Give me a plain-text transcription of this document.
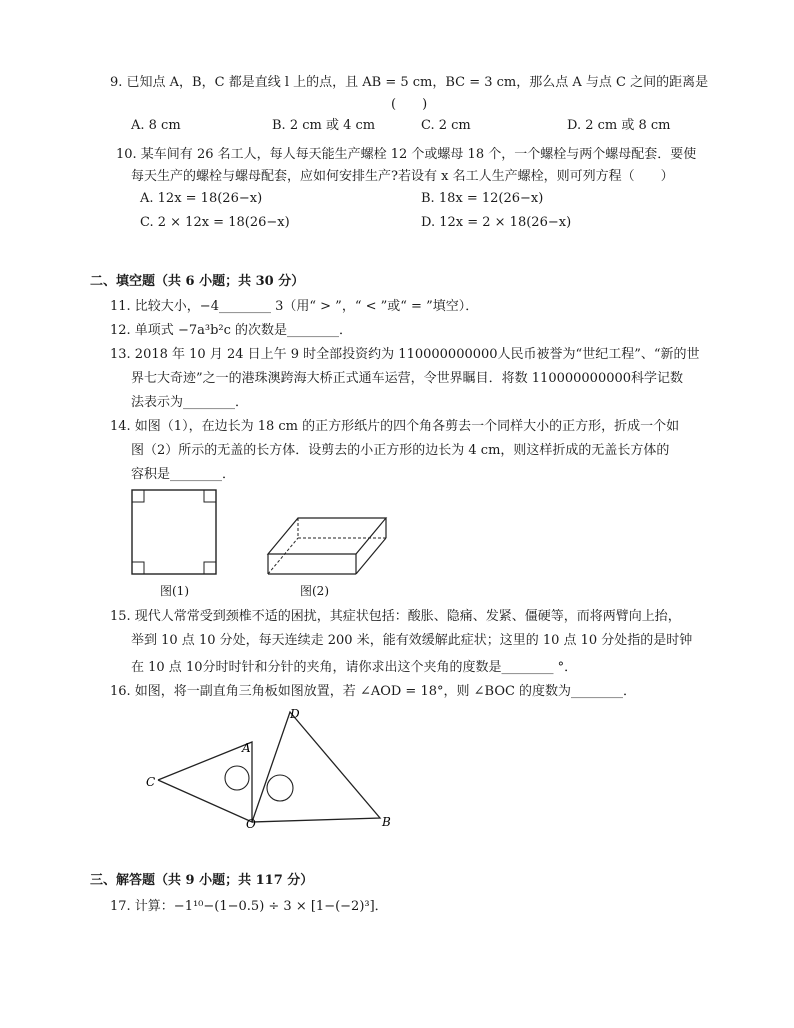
9. 已知点 A，B，C 都是直线 l 上的点，且 AB = 5 cm，BC = 3 cm，那么点 A 与点 C 之间的距离是
(　　)
A. 8 cm	B. 2 cm 或 4 cm	C. 2 cm	D. 2 cm 或 8 cm
10. 某车间有 26 名工人，每人每天能生产螺栓 12 个或螺母 18 个，一个螺栓与两个螺母配套．要使
每天生产的螺栓与螺母配套，应如何安排生产?若设有 x 名工人生产螺栓，则可列方程（　　）
A. 12x = 18(26−x)	B. 18x = 12(26−x)
C. 2 × 12x = 18(26−x)	D. 12x = 2 × 18(26−x)
二、填空题（共 6 小题；共 30 分）
11. 比较大小，−4________ 3（用“ > ”，“ < ”或“ = ”填空）．
12. 单项式 −7a³b²c 的次数是________．
13. 2018 年 10 月 24 日上午 9 时全部投资约为 110000000000人民币被誉为“世纪工程”、“新的世
界七大奇迹”之一的港珠澳跨海大桥正式通车运营，令世界瞩目．将数 110000000000科学记数
法表示为________．
14. 如图（1），在边长为 18 cm 的正方形纸片的四个角各剪去一个同样大小的正方形，折成一个如
图（2）所示的无盖的长方体．设剪去的小正方形的边长为 4 cm，则这样折成的无盖长方体的
容积是________．
图(1)	图(2)
15. 现代人常常受到颈椎不适的困扰，其症状包括：酸胀、隐痛、发紧、僵硬等，而将两臂向上抬，
举到 10 点 10 分处，每天连续走 200 米，能有效缓解此症状；这里的 10 点 10 分处指的是时钟
在 10 点 10分时时针和分针的夹角，请你求出这个夹角的度数是________ °．
16. 如图，将一副直角三角板如图放置，若 ∠AOD = 18°，则 ∠BOC 的度数为________．
D
A
C
O	B
三、解答题（共 9 小题；共 117 分）
17. 计算：−1¹⁰−(1−0.5) ÷ 3 × [1−(−2)³]．
